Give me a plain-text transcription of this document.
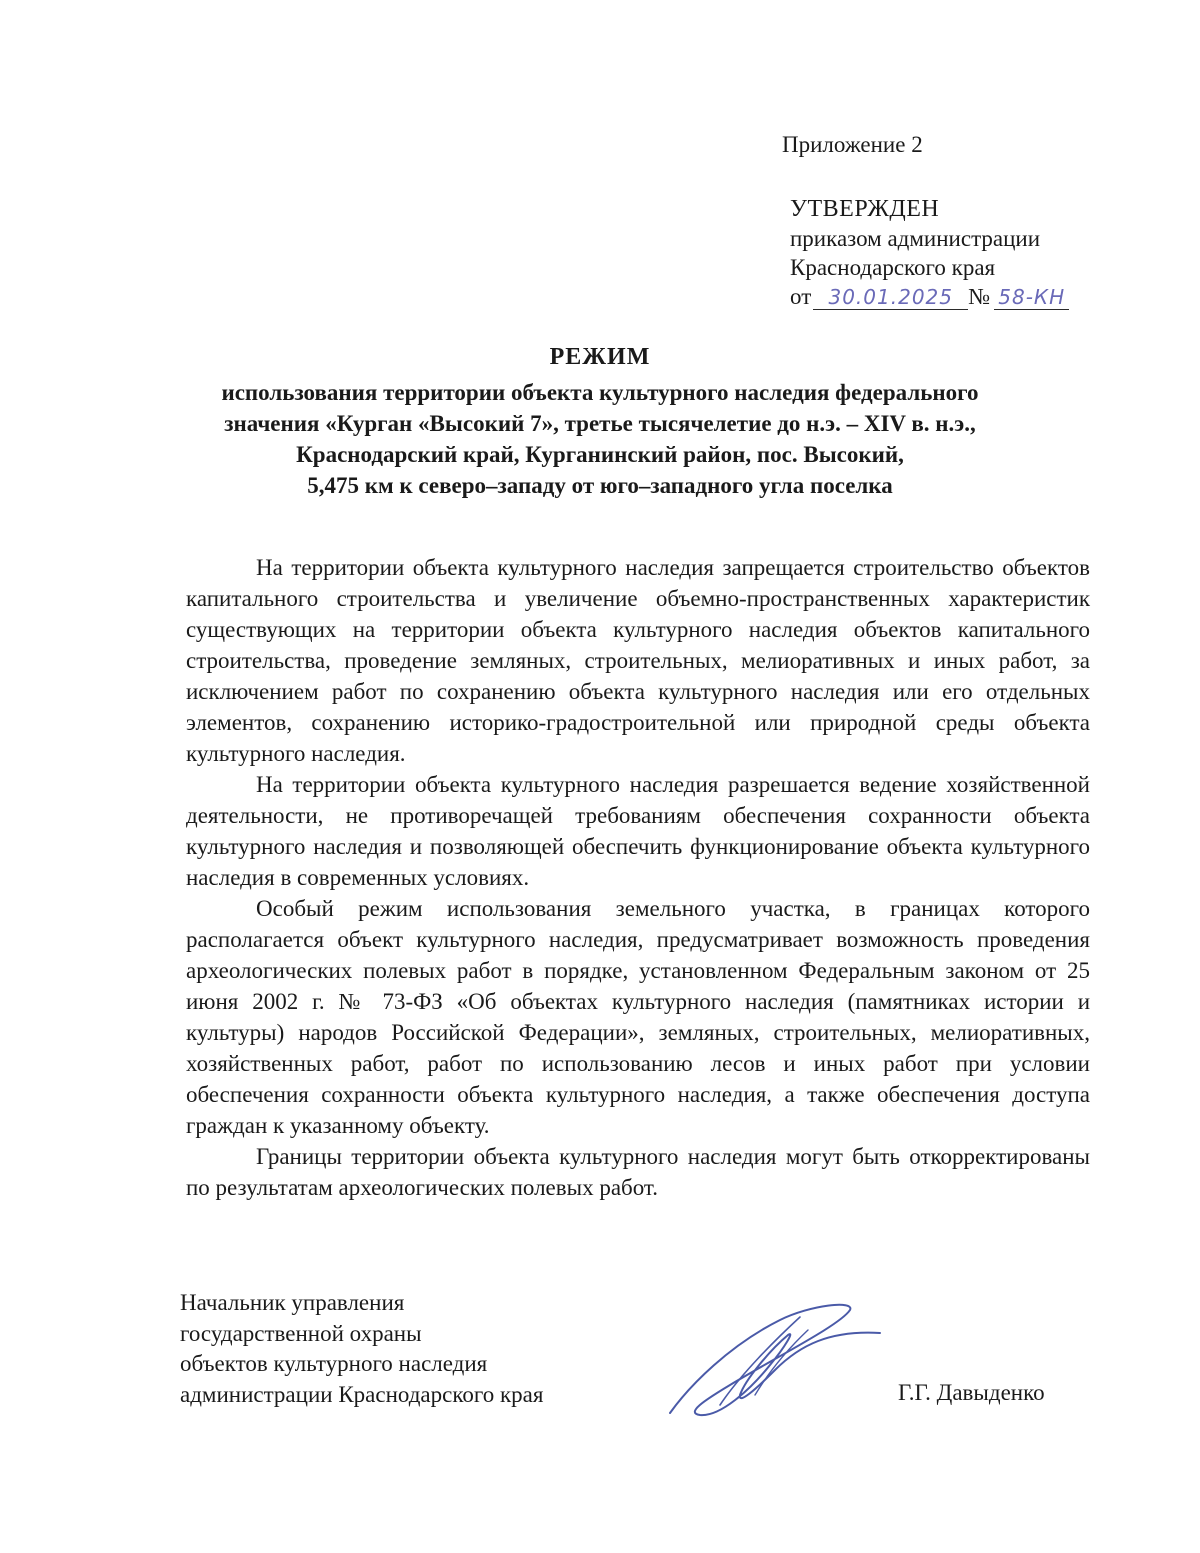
Приложение 2
УТВЕРЖДЕН
приказом администрации
Краснодарского края
от 30.01.2025 № 58-КН
РЕЖИМ
использования территории объекта культурного наследия федерального
значения «Курган «Высокий 7», третье тысячелетие до н.э. – XIV в. н.э.,
Краснодарский край, Курганинский район, пос. Высокий,
5,475 км к северо–западу от юго–западного угла поселка

На территории объекта культурного наследия запрещается строительство объектов капитального строительства и увеличение объемно-пространственных характеристик существующих на территории объекта культурного наследия объектов капитального строительства, проведение земляных, строительных, мелиоративных и иных работ, за исключением работ по сохранению объекта культурного наследия или его отдельных элементов, сохранению историко-градостроительной или природной среды объекта культурного наследия.

На территории объекта культурного наследия разрешается ведение хозяйственной деятельности, не противоречащей требованиям обеспечения сохранности объекта культурного наследия и позволяющей обеспечить функционирование объекта культурного наследия в современных условиях.

Особый режим использования земельного участка, в границах которого располагается объект культурного наследия, предусматривает возможность проведения археологических полевых работ в порядке, установленном Федеральным законом от 25 июня 2002 г. № 73-ФЗ «Об объектах культурного наследия (памятниках истории и культуры) народов Российской Федерации», земляных, строительных, мелиоративных, хозяйственных работ, работ по использованию лесов и иных работ при условии обеспечения сохранности объекта культурного наследия, а также обеспечения доступа граждан к указанному объекту.

Границы территории объекта культурного наследия могут быть откорректированы по результатам археологических полевых работ.

Начальник управления
государственной охраны
объектов культурного наследия
администрации Краснодарского края	Г.Г. Давыденко
